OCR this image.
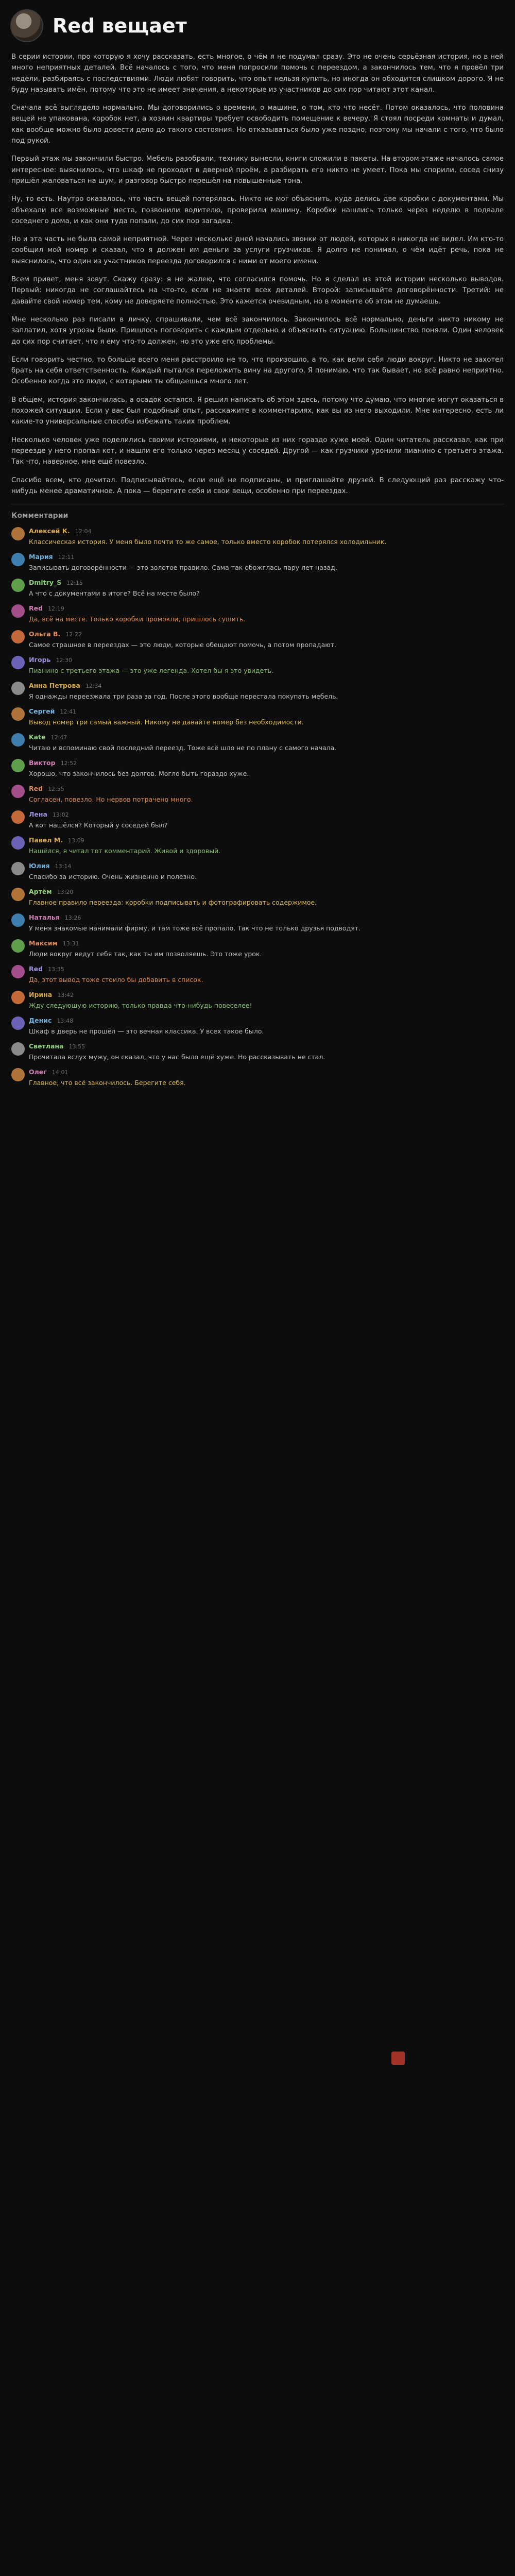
Red вещает

В серии истории, про которую я хочу рассказать, есть многое, о чём я не подумал сразу. Это не очень серьёзная история, но в ней много неприятных деталей. Всё началось с того, что меня попросили помочь с переездом, а закончилось тем, что я провёл три недели, разбираясь с последствиями. Люди любят говорить, что опыт нельзя купить, но иногда он обходится слишком дорого. Я не буду называть имён, потому что это не имеет значения, а некоторые из участников до сих пор читают этот канал.

Сначала всё выглядело нормально. Мы договорились о времени, о машине, о том, кто что несёт. Потом оказалось, что половина вещей не упакована, коробок нет, а хозяин квартиры требует освободить помещение к вечеру. Я стоял посреди комнаты и думал, как вообще можно было довести дело до такого состояния. Но отказываться было уже поздно, поэтому мы начали с того, что было под рукой.

Первый этаж мы закончили быстро. Мебель разобрали, технику вынесли, книги сложили в пакеты. На втором этаже началось самое интересное: выяснилось, что шкаф не проходит в дверной проём, а разбирать его никто не умеет. Пока мы спорили, сосед снизу пришёл жаловаться на шум, и разговор быстро перешёл на повышенные тона.

Ну, то есть. Наутро оказалось, что часть вещей потерялась. Никто не мог объяснить, куда делись две коробки с документами. Мы объехали все возможные места, позвонили водителю, проверили машину. Коробки нашлись только через неделю в подвале соседнего дома, и как они туда попали, до сих пор загадка.

Но и эта часть не была самой неприятной. Через несколько дней начались звонки от людей, которых я никогда не видел. Им кто-то сообщил мой номер и сказал, что я должен им деньги за услуги грузчиков. Я долго не понимал, о чём идёт речь, пока не выяснилось, что один из участников переезда договорился с ними от моего имени.

Всем привет, меня зовут. Скажу сразу: я не жалею, что согласился помочь. Но я сделал из этой истории несколько выводов. Первый: никогда не соглашайтесь на что-то, если не знаете всех деталей. Второй: записывайте договорённости. Третий: не давайте свой номер тем, кому не доверяете полностью. Это кажется очевидным, но в моменте об этом не думаешь.

Мне несколько раз писали в личку, спрашивали, чем всё закончилось. Закончилось всё нормально, деньги никто никому не заплатил, хотя угрозы были. Пришлось поговорить с каждым отдельно и объяснить ситуацию. Большинство поняли. Один человек до сих пор считает, что я ему что-то должен, но это уже его проблемы.

Если говорить честно, то больше всего меня расстроило не то, что произошло, а то, как вели себя люди вокруг. Никто не захотел брать на себя ответственность. Каждый пытался переложить вину на другого. Я понимаю, что так бывает, но всё равно неприятно. Особенно когда это люди, с которыми ты общаешься много лет.

В общем, история закончилась, а осадок остался. Я решил написать об этом здесь, потому что думаю, что многие могут оказаться в похожей ситуации. Если у вас был подобный опыт, расскажите в комментариях, как вы из него выходили. Мне интересно, есть ли какие-то универсальные способы избежать таких проблем.

Несколько человек уже поделились своими историями, и некоторые из них гораздо хуже моей. Один читатель рассказал, как при переезде у него пропал кот, и нашли его только через месяц у соседей. Другой — как грузчики уронили пианино с третьего этажа. Так что, наверное, мне ещё повезло.

Спасибо всем, кто дочитал. Подписывайтесь, если ещё не подписаны, и приглашайте друзей. В следующий раз расскажу что-нибудь менее драматичное. А пока — берегите себя и свои вещи, особенно при переездах.

Комментарии
Алексей К. 12:04
Классическая история. У меня было почти то же самое, только вместо коробок потерялся холодильник.
Мария 12:11
Записывать договорённости — это золотое правило. Сама так обожглась пару лет назад.
Dmitry_S 12:15
А что с документами в итоге? Всё на месте было?
Red 12:19
Да, всё на месте. Только коробки промокли, пришлось сушить.
Ольга В. 12:22
Самое страшное в переездах — это люди, которые обещают помочь, а потом пропадают.
Игорь 12:30
Пианино с третьего этажа — это уже легенда. Хотел бы я это увидеть.
Анна Петрова 12:34
Я однажды переезжала три раза за год. После этого вообще перестала покупать мебель.
Сергей 12:41
Вывод номер три самый важный. Никому не давайте номер без необходимости.
Kate 12:47
Читаю и вспоминаю свой последний переезд. Тоже всё шло не по плану с самого начала.
Виктор 12:52
Хорошо, что закончилось без долгов. Могло быть гораздо хуже.
Red 12:55
Согласен, повезло. Но нервов потрачено много.
Лена 13:02
А кот нашёлся? Который у соседей был?
Павел М. 13:09
Нашёлся, я читал тот комментарий. Живой и здоровый.
Юлия 13:14
Спасибо за историю. Очень жизненно и полезно.
Артём 13:20
Главное правило переезда: коробки подписывать и фотографировать содержимое.
Наталья 13:26
У меня знакомые нанимали фирму, и там тоже всё пропало. Так что не только друзья подводят.
Максим 13:31
Люди вокруг ведут себя так, как ты им позволяешь. Это тоже урок.
Red 13:35
Да, этот вывод тоже стоило бы добавить в список.
Ирина 13:42
Жду следующую историю, только правда что-нибудь повеселее!
Денис 13:48
Шкаф в дверь не прошёл — это вечная классика. У всех такое было.
Светлана 13:55
Прочитала вслух мужу, он сказал, что у нас было ещё хуже. Но рассказывать не стал.
Олег 14:01
Главное, что всё закончилось. Берегите себя.
